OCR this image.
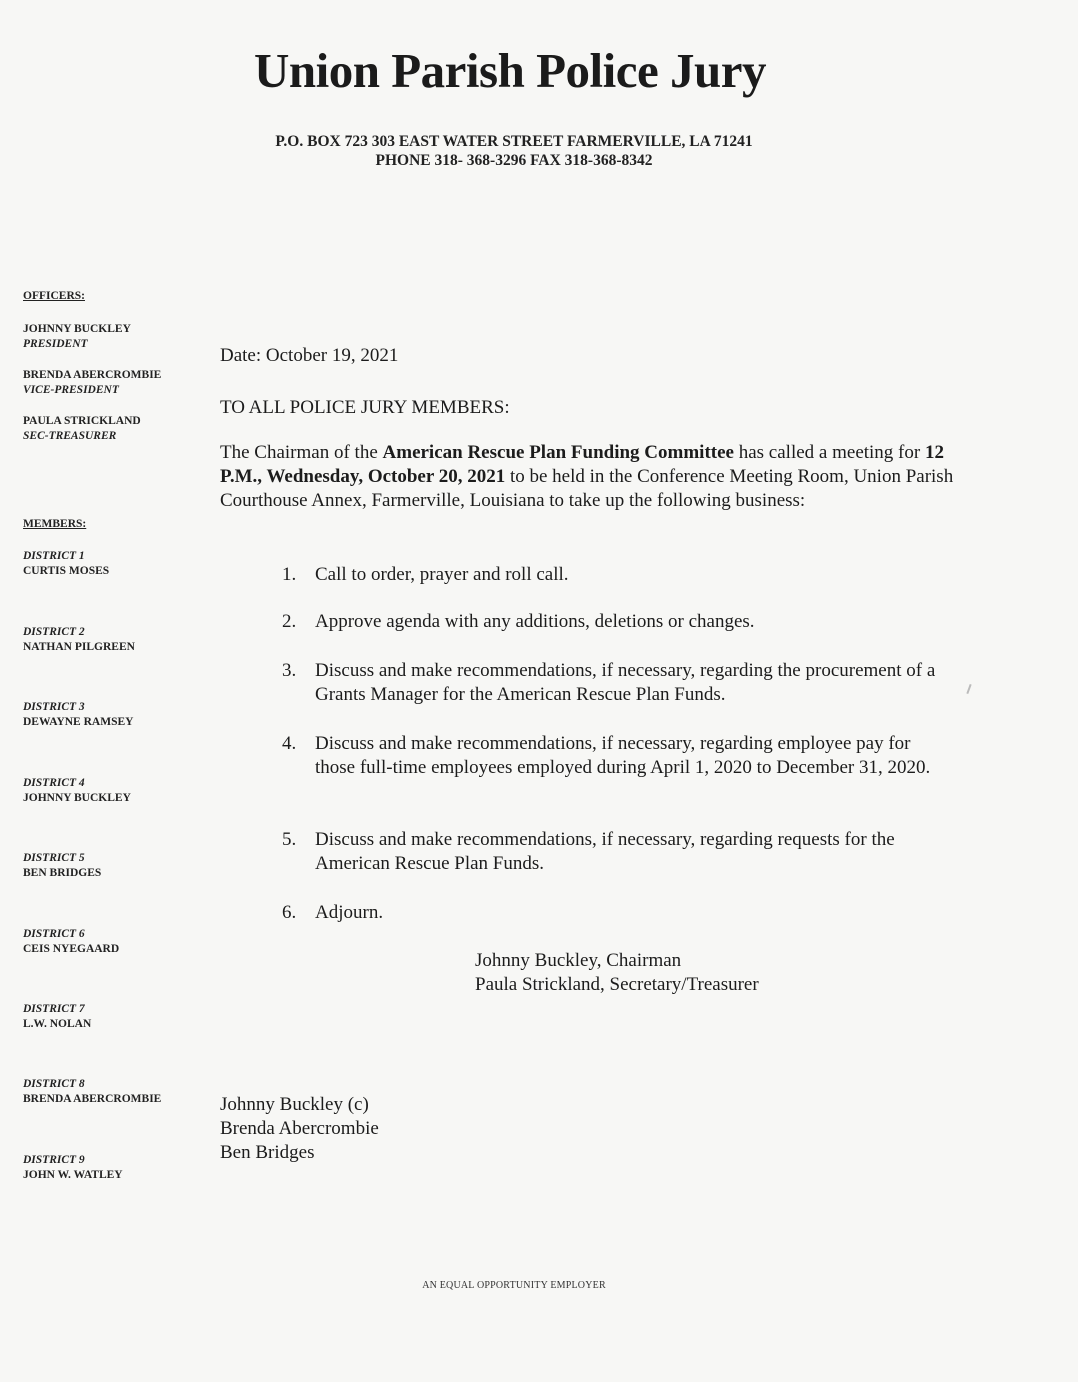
Union Parish Police Jury
P.O. BOX 723 303 EAST WATER STREET FARMERVILLE, LA 71241
PHONE 318- 368-3296 FAX 318-368-8342
OFFICERS:
JOHNNY BUCKLEY
PRESIDENT
BRENDA ABERCROMBIE
VICE-PRESIDENT
PAULA STRICKLAND
SEC-TREASURER
MEMBERS:
DISTRICT 1
CURTIS MOSES
DISTRICT 2
NATHAN PILGREEN
DISTRICT 3
DEWAYNE RAMSEY
DISTRICT 4
JOHNNY BUCKLEY
DISTRICT 5
BEN BRIDGES
DISTRICT 6
CEIS NYEGAARD
DISTRICT 7
L.W. NOLAN
DISTRICT 8
BRENDA ABERCROMBIE
DISTRICT 9
JOHN W. WATLEY
Date: October 19, 2021
TO ALL POLICE JURY MEMBERS:
The Chairman of the American Rescue Plan Funding Committee has called a meeting for 12 P.M., Wednesday, October 20, 2021 to be held in the Conference Meeting Room, Union Parish Courthouse Annex, Farmerville, Louisiana to take up the following business:
1. Call to order, prayer and roll call.
2. Approve agenda with any additions, deletions or changes.
3. Discuss and make recommendations, if necessary, regarding the procurement of a Grants Manager for the American Rescue Plan Funds.
4. Discuss and make recommendations, if necessary, regarding employee pay for those full-time employees employed during April 1, 2020 to December 31, 2020.
5. Discuss and make recommendations, if necessary, regarding requests for the American Rescue Plan Funds.
6. Adjourn.
Johnny Buckley, Chairman
Paula Strickland, Secretary/Treasurer
Johnny Buckley (c)
Brenda Abercrombie
Ben Bridges
AN EQUAL OPPORTUNITY EMPLOYER
